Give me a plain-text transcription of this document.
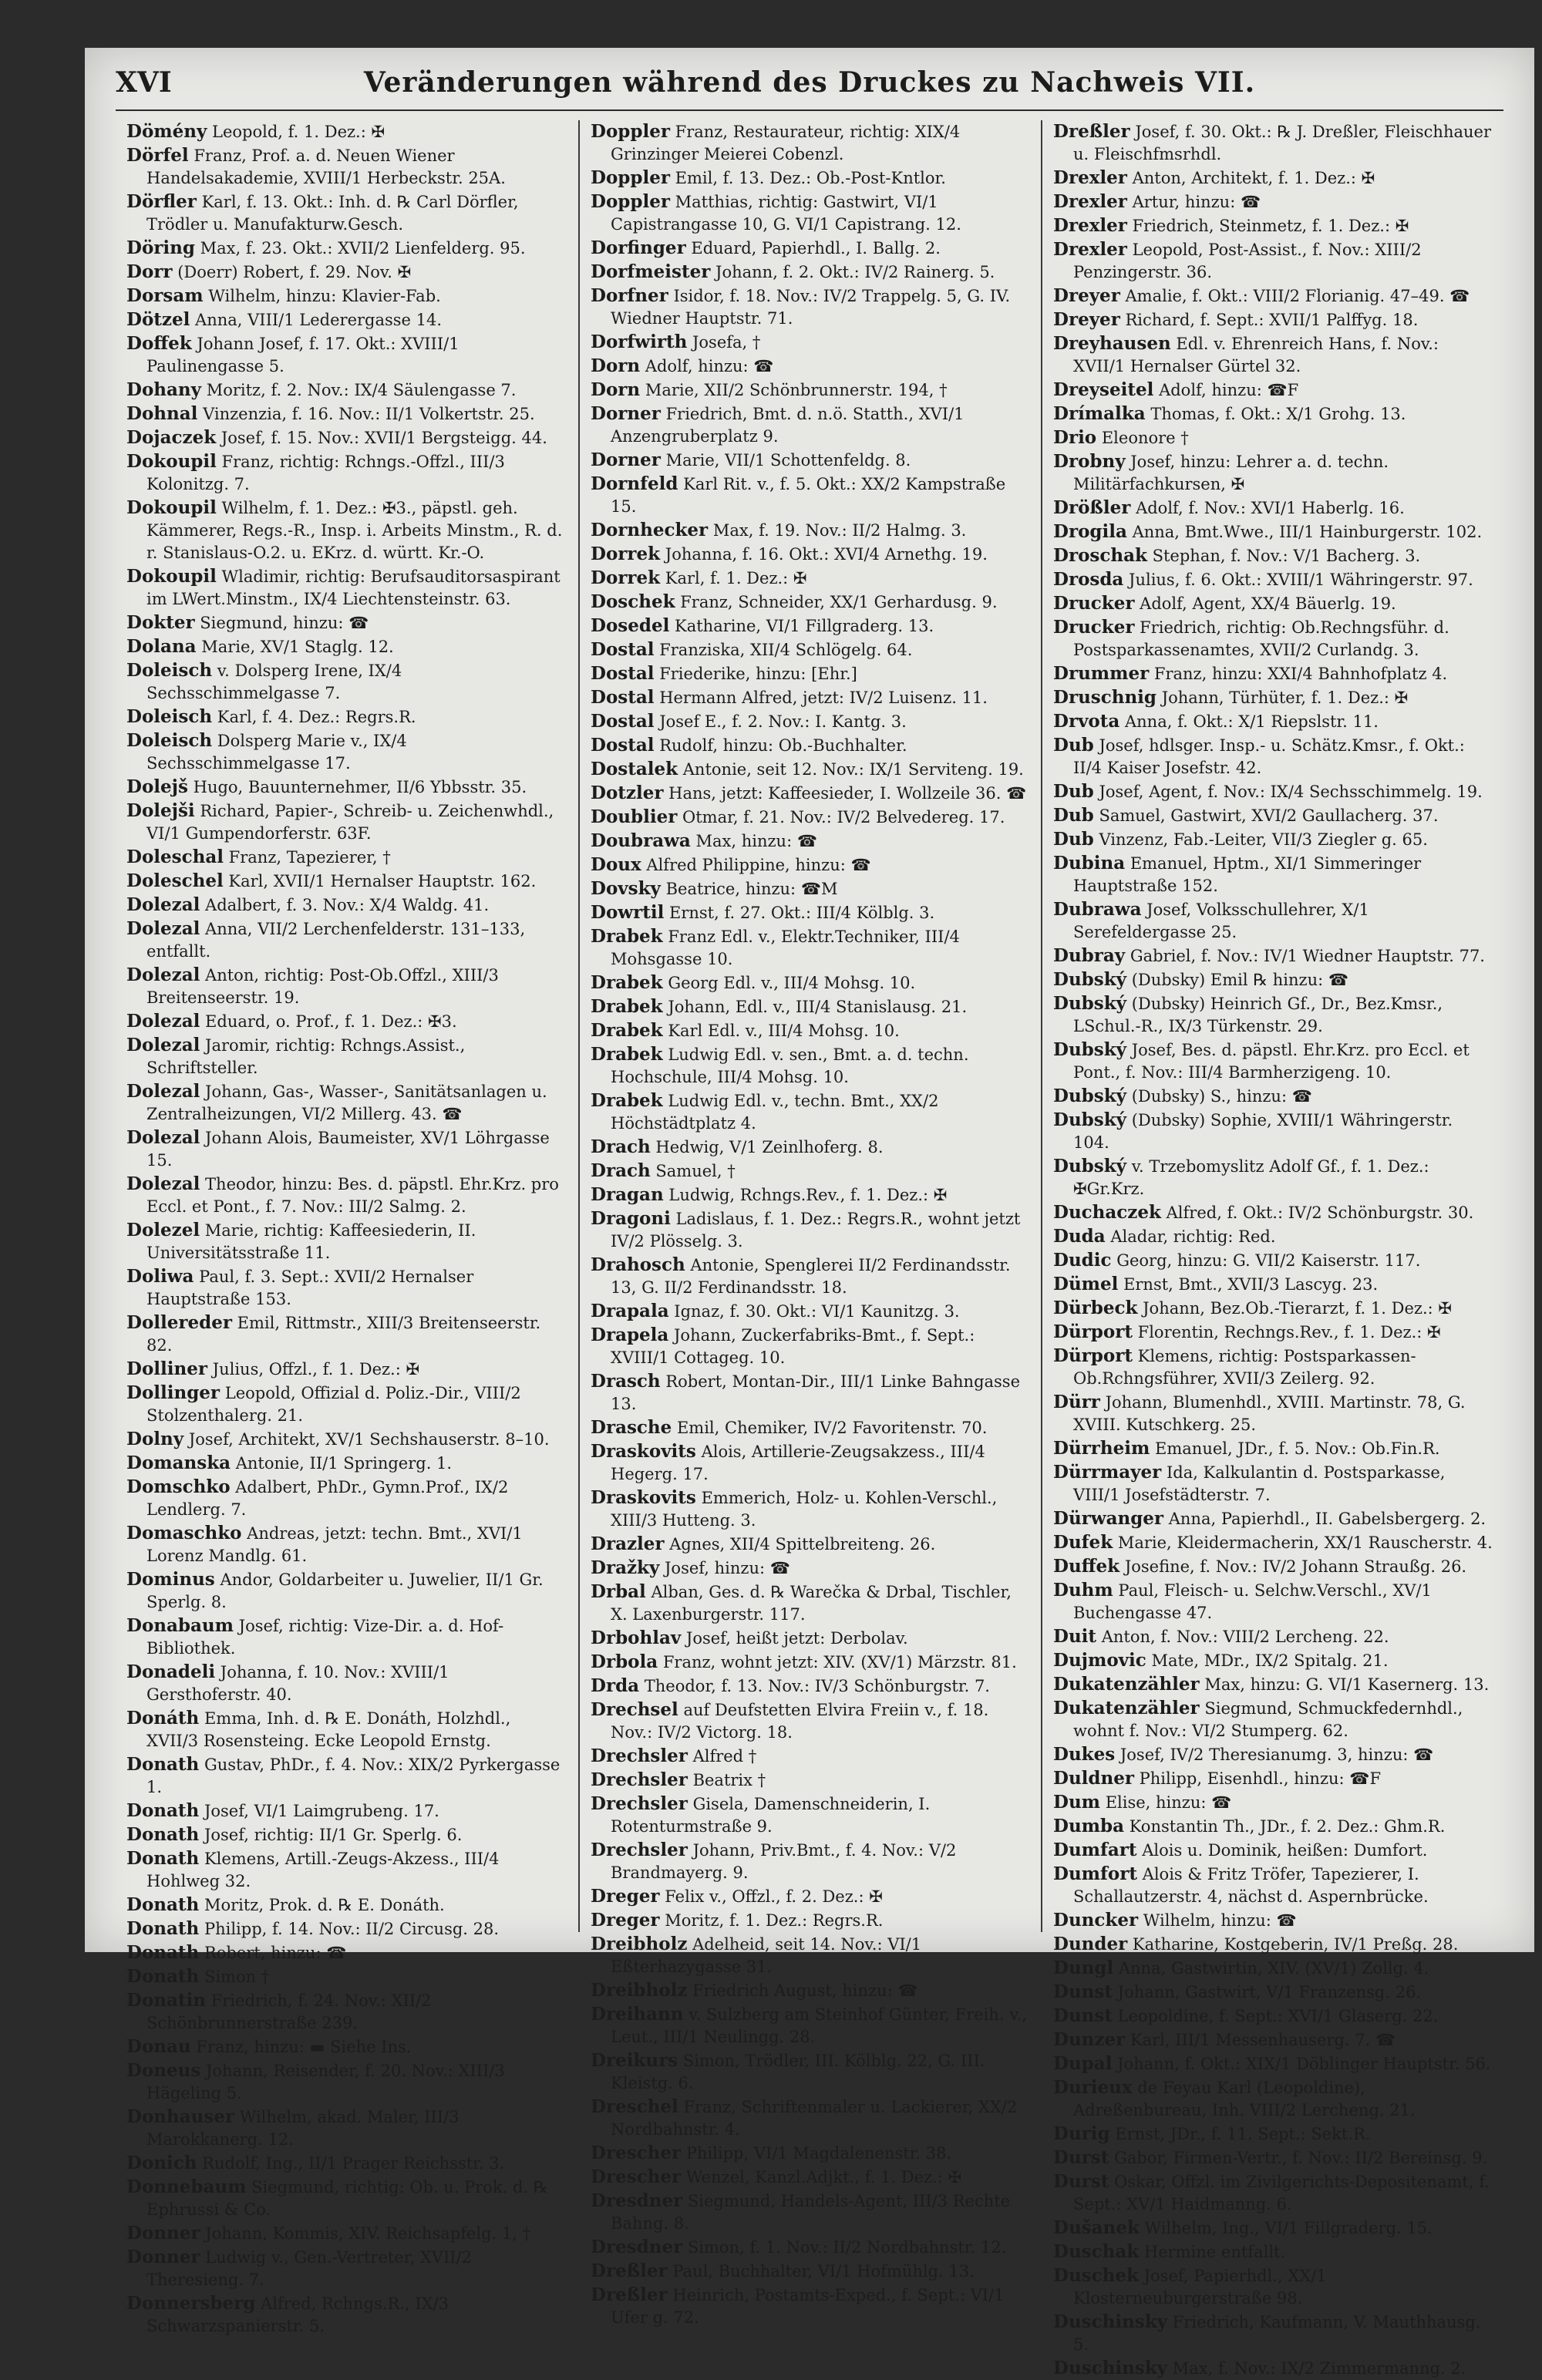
XVI	Veränderungen während des Druckes zu Nachweis VII.
Dömény Leopold, f. 1. Dez.: ✠
Dörfel Franz, Prof. a. d. Neuen Wiener Handelsakademie, XVIII/1 Herbeckstr. 25A.
Dörfler Karl, f. 13. Okt.: Inh. d. ℞ Carl Dörfler, Trödler u. Manufakturw.Gesch.
Döring Max, f. 23. Okt.: XVII/2 Lienfelderg. 95.
Dorr (Doerr) Robert, f. 29. Nov. ✠
Dorsam Wilhelm, hinzu: Klavier-Fab.
Dötzel Anna, VIII/1 Lederergasse 14.
Doffek Johann Josef, f. 17. Okt.: XVIII/1 Paulinengasse 5.
Dohany Moritz, f. 2. Nov.: IX/4 Säulengasse 7.
Dohnal Vinzenzia, f. 16. Nov.: II/1 Volkertstr. 25.
Dojaczek Josef, f. 15. Nov.: XVII/1 Bergsteigg. 44.
Dokoupil Franz, richtig: Rchngs.-Offzl., III/3 Kolonitzg. 7.
Dokoupil Wilhelm, f. 1. Dez.: ✠3., päpstl. geh. Kämmerer, Regs.-R., Insp. i. Arbeits Minstm., R. d. r. Stanislaus-O.2. u. EKrz. d. württ. Kr.-O.
Dokoupil Wladimir, richtig: Berufsauditorsaspirant im LWert.Minstm., IX/4 Liechtensteinstr. 63.
Dokter Siegmund, hinzu: ☎
Dolana Marie, XV/1 Staglg. 12.
Doleisch v. Dolsperg Irene, IX/4 Sechsschimmelgasse 7.
Doleisch Karl, f. 4. Dez.: Regrs.R.
Doleisch Dolsperg Marie v., IX/4 Sechsschimmelgasse 17.
Dolejš Hugo, Bauunternehmer, II/6 Ybbsstr. 35.
Dolejši Richard, Papier-, Schreib- u. Zeichenwhdl., VI/1 Gumpendorferstr. 63F.
Doleschal Franz, Tapezierer, †
Doleschel Karl, XVII/1 Hernalser Hauptstr. 162.
Dolezal Adalbert, f. 3. Nov.: X/4 Waldg. 41.
Dolezal Anna, VII/2 Lerchenfelderstr. 131–133, entfallt.
Dolezal Anton, richtig: Post-Ob.Offzl., XIII/3 Breitenseerstr. 19.
Dolezal Eduard, o. Prof., f. 1. Dez.: ✠3.
Dolezal Jaromir, richtig: Rchngs.Assist., Schriftsteller.
Dolezal Johann, Gas-, Wasser-, Sanitätsanlagen u. Zentralheizungen, VI/2 Millerg. 43. ☎
Dolezal Johann Alois, Baumeister, XV/1 Löhrgasse 15.
Dolezal Theodor, hinzu: Bes. d. päpstl. Ehr.Krz. pro Eccl. et Pont., f. 7. Nov.: III/2 Salmg. 2.
Dolezel Marie, richtig: Kaffeesiederin, II. Universitätsstraße 11.
Doliwa Paul, f. 3. Sept.: XVII/2 Hernalser Hauptstraße 153.
Dollereder Emil, Rittmstr., XIII/3 Breitenseerstr. 82.
Dolliner Julius, Offzl., f. 1. Dez.: ✠
Dollinger Leopold, Offizial d. Poliz.-Dir., VIII/2 Stolzenthalerg. 21.
Dolny Josef, Architekt, XV/1 Sechshauserstr. 8–10.
Domanska Antonie, II/1 Springerg. 1.
Domschko Adalbert, PhDr., Gymn.Prof., IX/2 Lendlerg. 7.
Domaschko Andreas, jetzt: techn. Bmt., XVI/1 Lorenz Mandlg. 61.
Dominus Andor, Goldarbeiter u. Juwelier, II/1 Gr. Sperlg. 8.
Donabaum Josef, richtig: Vize-Dir. a. d. Hof-Bibliothek.
Donadeli Johanna, f. 10. Nov.: XVIII/1 Gersthoferstr. 40.
Donáth Emma, Inh. d. ℞ E. Donáth, Holzhdl., XVII/3 Rosensteing. Ecke Leopold Ernstg.
Donath Gustav, PhDr., f. 4. Nov.: XIX/2 Pyrkergasse 1.
Donath Josef, VI/1 Laimgrubeng. 17.
Donath Josef, richtig: II/1 Gr. Sperlg. 6.
Donath Klemens, Artill.-Zeugs-Akzess., III/4 Hohlweg 32.
Donath Moritz, Prok. d. ℞ E. Donáth.
Donath Philipp, f. 14. Nov.: II/2 Circusg. 28.
Donath Robert, hinzu: ☎
Donath Simon †
Donatin Friedrich, f. 24. Nov.: XII/2 Schönbrunnerstraße 239.
Donau Franz, hinzu: ▬ Siehe Ins.
Doneus Johann, Reisender, f. 20. Nov.: XIII/3 Hägeling 5.
Donhauser Wilhelm, akad. Maler, III/3 Marokkanerg. 12.
Donich Rudolf, Ing., II/1 Prager Reichsstr. 3.
Donnebaum Siegmund, richtig: Ob. u. Prok. d. ℞ Ephrussi & Co.
Donner Johann, Kommis, XIV. Reichsapfelg. 1, †
Donner Ludwig v., Gen.-Vertreter, XVII/2 Theresieng. 7.
Donnersberg Alfred, Rchngs.R., IX/3 Schwarzspanierstr. 5.
Doppler Franz, Restaurateur, richtig: XIX/4 Grinzinger Meierei Cobenzl.
Doppler Emil, f. 13. Dez.: Ob.-Post-Kntlor.
Doppler Matthias, richtig: Gastwirt, VI/1 Capistrangasse 10, G. VI/1 Capistrang. 12.
Dorfinger Eduard, Papierhdl., I. Ballg. 2.
Dorfmeister Johann, f. 2. Okt.: IV/2 Rainerg. 5.
Dorfner Isidor, f. 18. Nov.: IV/2 Trappelg. 5, G. IV. Wiedner Hauptstr. 71.
Dorfwirth Josefa, †
Dorn Adolf, hinzu: ☎
Dorn Marie, XII/2 Schönbrunnerstr. 194, †
Dorner Friedrich, Bmt. d. n.ö. Statth., XVI/1 Anzengruberplatz 9.
Dorner Marie, VII/1 Schottenfeldg. 8.
Dornfeld Karl Rit. v., f. 5. Okt.: XX/2 Kampstraße 15.
Dornhecker Max, f. 19. Nov.: II/2 Halmg. 3.
Dorrek Johanna, f. 16. Okt.: XVI/4 Arnethg. 19.
Dorrek Karl, f. 1. Dez.: ✠
Doschek Franz, Schneider, XX/1 Gerhardusg. 9.
Dosedel Katharine, VI/1 Fillgraderg. 13.
Dostal Franziska, XII/4 Schlögelg. 64.
Dostal Friederike, hinzu: [Ehr.]
Dostal Hermann Alfred, jetzt: IV/2 Luisenz. 11.
Dostal Josef E., f. 2. Nov.: I. Kantg. 3.
Dostal Rudolf, hinzu: Ob.-Buchhalter.
Dostalek Antonie, seit 12. Nov.: IX/1 Serviteng. 19.
Dotzler Hans, jetzt: Kaffeesieder, I. Wollzeile 36. ☎
Doublier Otmar, f. 21. Nov.: IV/2 Belvedereg. 17.
Doubrawa Max, hinzu: ☎
Doux Alfred Philippine, hinzu: ☎
Dovsky Beatrice, hinzu: ☎M
Dowrtil Ernst, f. 27. Okt.: III/4 Kölblg. 3.
Drabek Franz Edl. v., Elektr.Techniker, III/4 Mohsgasse 10.
Drabek Georg Edl. v., III/4 Mohsg. 10.
Drabek Johann, Edl. v., III/4 Stanislausg. 21.
Drabek Karl Edl. v., III/4 Mohsg. 10.
Drabek Ludwig Edl. v. sen., Bmt. a. d. techn. Hochschule, III/4 Mohsg. 10.
Drabek Ludwig Edl. v., techn. Bmt., XX/2 Höchstädtplatz 4.
Drach Hedwig, V/1 Zeinlhoferg. 8.
Drach Samuel, †
Dragan Ludwig, Rchngs.Rev., f. 1. Dez.: ✠
Dragoni Ladislaus, f. 1. Dez.: Regrs.R., wohnt jetzt IV/2 Plösselg. 3.
Drahosch Antonie, Spenglerei II/2 Ferdinandsstr. 13, G. II/2 Ferdinandsstr. 18.
Drapala Ignaz, f. 30. Okt.: VI/1 Kaunitzg. 3.
Drapela Johann, Zuckerfabriks-Bmt., f. Sept.: XVIII/1 Cottageg. 10.
Drasch Robert, Montan-Dir., III/1 Linke Bahngasse 13.
Drasche Emil, Chemiker, IV/2 Favoritenstr. 70.
Draskovits Alois, Artillerie-Zeugsakzess., III/4 Hegerg. 17.
Draskovits Emmerich, Holz- u. Kohlen-Verschl., XIII/3 Hutteng. 3.
Drazler Agnes, XII/4 Spittelbreiteng. 26.
Dražky Josef, hinzu: ☎
Drbal Alban, Ges. d. ℞ Warečka & Drbal, Tischler, X. Laxenburgerstr. 117.
Drbohlav Josef, heißt jetzt: Derbolav.
Drbola Franz, wohnt jetzt: XIV. (XV/1) Märzstr. 81.
Drda Theodor, f. 13. Nov.: IV/3 Schönburgstr. 7.
Drechsel auf Deufstetten Elvira Freiin v., f. 18. Nov.: IV/2 Victorg. 18.
Drechsler Alfred †
Drechsler Beatrix †
Drechsler Gisela, Damenschneiderin, I. Rotenturmstraße 9.
Drechsler Johann, Priv.Bmt., f. 4. Nov.: V/2 Brandmayerg. 9.
Dreger Felix v., Offzl., f. 2. Dez.: ✠
Dreger Moritz, f. 1. Dez.: Regrs.R.
Dreibholz Adelheid, seit 14. Nov.: VI/1 Eßterhazygasse 31.
Dreibholz Friedrich August, hinzu: ☎
Dreihann v. Sulzberg am Steinhof Günter, Freih. v., Leut., III/1 Neulingg. 28.
Dreikurs Simon, Trödler, III. Kölblg. 22, G. III. Kleistg. 6.
Dreschel Franz, Schriftenmaler u. Lackierer, XX/2 Nordbahnstr. 4.
Drescher Philipp, VI/1 Magdalenenstr. 38.
Drescher Wenzel, Kanzl.Adjkt., f. 1. Dez.: ✠
Dresdner Siegmund, Handels-Agent, III/3 Rechte Bahng. 8.
Dresdner Simon, f. 1. Nov.: II/2 Nordbahnstr. 12.
Dreßler Paul, Buchhalter, VI/1 Hofmühlg. 13.
Dreßler Heinrich, Postamts-Exped., f. Sept.: VI/1 Ufer g. 72.
Dreßler Josef, f. 30. Okt.: ℞ J. Dreßler, Fleischhauer u. Fleischfmsrhdl.
Drexler Anton, Architekt, f. 1. Dez.: ✠
Drexler Artur, hinzu: ☎
Drexler Friedrich, Steinmetz, f. 1. Dez.: ✠
Drexler Leopold, Post-Assist., f. Nov.: XIII/2 Penzingerstr. 36.
Dreyer Amalie, f. Okt.: VIII/2 Florianig. 47–49. ☎
Dreyer Richard, f. Sept.: XVII/1 Palffyg. 18.
Dreyhausen Edl. v. Ehrenreich Hans, f. Nov.: XVII/1 Hernalser Gürtel 32.
Dreyseitel Adolf, hinzu: ☎F
Drímalka Thomas, f. Okt.: X/1 Grohg. 13.
Drio Eleonore †
Drobny Josef, hinzu: Lehrer a. d. techn. Militärfachkursen, ✠
Drößler Adolf, f. Nov.: XVI/1 Haberlg. 16.
Drogila Anna, Bmt.Wwe., III/1 Hainburgerstr. 102.
Droschak Stephan, f. Nov.: V/1 Bacherg. 3.
Drosda Julius, f. 6. Okt.: XVIII/1 Währingerstr. 97.
Drucker Adolf, Agent, XX/4 Bäuerlg. 19.
Drucker Friedrich, richtig: Ob.Rechngsführ. d. Postsparkassenamtes, XVII/2 Curlandg. 3.
Drummer Franz, hinzu: XXI/4 Bahnhofplatz 4.
Druschnig Johann, Türhüter, f. 1. Dez.: ✠
Drvota Anna, f. Okt.: X/1 Riepslstr. 11.
Dub Josef, hdlsger. Insp.- u. Schätz.Kmsr., f. Okt.: II/4 Kaiser Josefstr. 42.
Dub Josef, Agent, f. Nov.: IX/4 Sechsschimmelg. 19.
Dub Samuel, Gastwirt, XVI/2 Gaullacherg. 37.
Dub Vinzenz, Fab.-Leiter, VII/3 Ziegler g. 65.
Dubina Emanuel, Hptm., XI/1 Simmeringer Hauptstraße 152.
Dubrawa Josef, Volksschullehrer, X/1 Serefeldergasse 25.
Dubray Gabriel, f. Nov.: IV/1 Wiedner Hauptstr. 77.
Dubský (Dubsky) Emil ℞ hinzu: ☎
Dubský (Dubsky) Heinrich Gf., Dr., Bez.Kmsr., LSchul.-R., IX/3 Türkenstr. 29.
Dubský Josef, Bes. d. päpstl. Ehr.Krz. pro Eccl. et Pont., f. Nov.: III/4 Barmherzigeng. 10.
Dubský (Dubsky) S., hinzu: ☎
Dubský (Dubsky) Sophie, XVIII/1 Währingerstr. 104.
Dubský v. Trzebomyslitz Adolf Gf., f. 1. Dez.: ✠Gr.Krz.
Duchaczek Alfred, f. Okt.: IV/2 Schönburgstr. 30.
Duda Aladar, richtig: Red.
Dudic Georg, hinzu: G. VII/2 Kaiserstr. 117.
Dümel Ernst, Bmt., XVII/3 Lascyg. 23.
Dürbeck Johann, Bez.Ob.-Tierarzt, f. 1. Dez.: ✠
Dürport Florentin, Rechngs.Rev., f. 1. Dez.: ✠
Dürport Klemens, richtig: Postsparkassen-Ob.Rchngsführer, XVII/3 Zeilerg. 92.
Dürr Johann, Blumenhdl., XVIII. Martinstr. 78, G. XVIII. Kutschkerg. 25.
Dürrheim Emanuel, JDr., f. 5. Nov.: Ob.Fin.R.
Dürrmayer Ida, Kalkulantin d. Postsparkasse, VIII/1 Josefstädterstr. 7.
Dürwanger Anna, Papierhdl., II. Gabelsbergerg. 2.
Dufek Marie, Kleidermacherin, XX/1 Rauscherstr. 4.
Duffek Josefine, f. Nov.: IV/2 Johann Straußg. 26.
Duhm Paul, Fleisch- u. Selchw.Verschl., XV/1 Buchengasse 47.
Duit Anton, f. Nov.: VIII/2 Lercheng. 22.
Dujmovic Mate, MDr., IX/2 Spitalg. 21.
Dukatenzähler Max, hinzu: G. VI/1 Kasernerg. 13.
Dukatenzähler Siegmund, Schmuckfedernhdl., wohnt f. Nov.: VI/2 Stumperg. 62.
Dukes Josef, IV/2 Theresianumg. 3, hinzu: ☎
Duldner Philipp, Eisenhdl., hinzu: ☎F
Dum Elise, hinzu: ☎
Dumba Konstantin Th., JDr., f. 2. Dez.: Ghm.R.
Dumfart Alois u. Dominik, heißen: Dumfort.
Dumfort Alois & Fritz Tröfer, Tapezierer, I. Schallautzerstr. 4, nächst d. Aspernbrücke.
Duncker Wilhelm, hinzu: ☎
Dunder Katharine, Kostgeberin, IV/1 Preßg. 28.
Dungl Anna, Gastwirtin, XIV. (XV/1) Zollg. 4.
Dunst Johann, Gastwirt, V/1 Franzensg. 26.
Dunst Leopoldine, f. Sept.: XVI/1 Glaserg. 22.
Dunzer Karl, III/1 Messenhauserg. 7. ☎
Dupal Johann, f. Okt.: XIX/1 Döblinger Hauptstr. 56.
Durieux de Feyau Karl (Leopoldine), Adreßenbureau, Inh. VIII/2 Lercheng. 21.
Durig Ernst, JDr., f. 11. Sept.: Sekt.R.
Durst Gabor, Firmen-Vertr., f. Nov.: II/2 Bereinsg. 9.
Durst Oskar, Offzl. im Zivilgerichts-Depositenamt, f. Sept.: XV/1 Haidmanng. 6.
Dušanek Wilhelm, Ing., VI/1 Fillgraderg. 15.
Duschak Hermine entfallt.
Duschek Josef, Papierhdl., XX/1 Klosterneuburgerstraße 98.
Duschinsky Friedrich, Kaufmann, V. Mauthhausg. 5.
Duschinsky Max, f. Nov.: IX/2 Zimmermanng. 2.
